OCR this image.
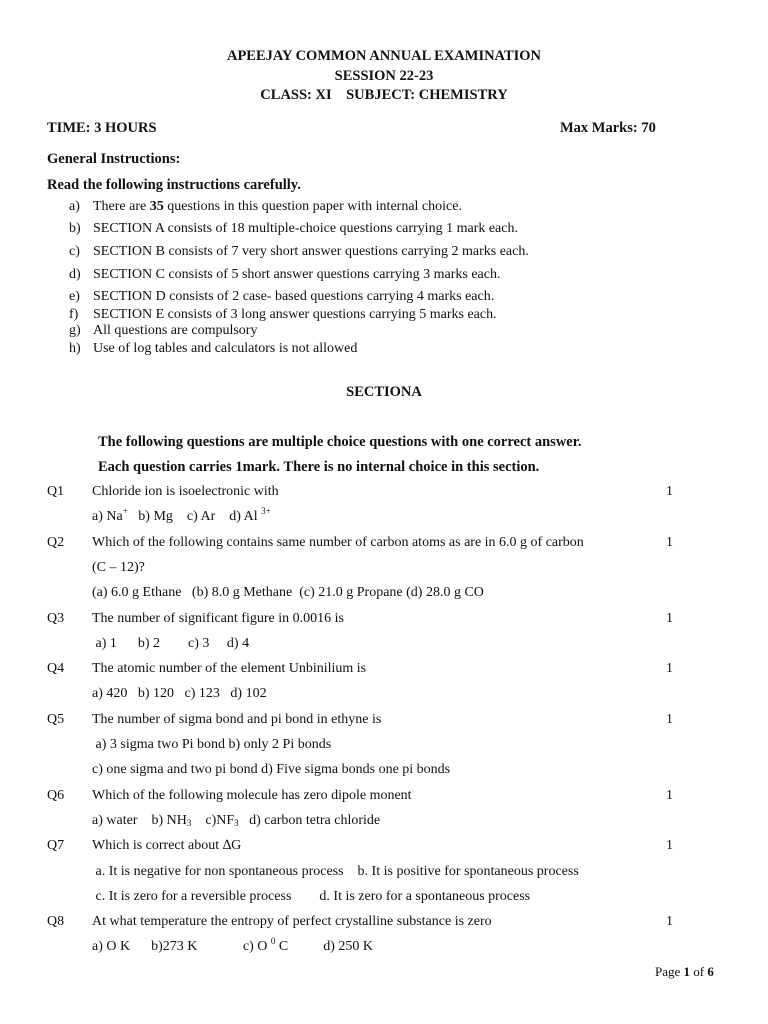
APEEJAY COMMON ANNUAL EXAMINATION
SESSION 22-23
CLASS: XI    SUBJECT: CHEMISTRY
TIME: 3 HOURS	Max Marks: 70
General Instructions:
Read the following instructions carefully.
a) There are 35 questions in this question paper with internal choice.
b) SECTION A consists of 18 multiple-choice questions carrying 1 mark each.
c) SECTION B consists of 7 very short answer questions carrying 2 marks each.
d) SECTION C consists of 5 short answer questions carrying 3 marks each.
e) SECTION D consists of 2 case- based questions carrying 4 marks each.
f) SECTION E consists of 3 long answer questions carrying 5 marks each.
g) All questions are compulsory
h) Use of log tables and calculators is not allowed
SECTIONA
The following questions are multiple choice questions with one correct answer.
Each question carries 1mark. There is no internal choice in this section.
Q1 Chloride ion is isoelectronic with	1
a) Na+   b) Mg    c) Ar    d) Al $^{3+}$
Q2 Which of the following contains same number of carbon atoms as are in 6.0 g of carbon	1
(C – 12)?
(a) 6.0 g Ethane   (b) 8.0 g Methane  (c) 21.0 g Propane (d) 28.0 g CO
Q3 The number of significant figure in 0.0016 is	1
a) 1      b) 2        c) 3     d) 4
Q4 The atomic number of the element Unbinilium is	1
a) 420   b) 120   c) 123   d) 102
Q5 The number of sigma bond and pi bond in ethyne is	1
a) 3 sigma two Pi bond b) only 2 Pi bonds
c) one sigma and two pi bond d) Five sigma bonds one pi bonds
Q6 Which of the following molecule has zero dipole monent	1
a) water    b) $NH_3$    $c)NF_3$   d) carbon tetra chloride
Q7 Which is correct about ∆G	1
a. It is negative for non spontaneous process    b. It is positive for spontaneous process
c. It is zero for a reversible process        d. It is zero for a spontaneous process
Q8 At what temperature the entropy of perfect crystalline substance is zero	1
a) O K      b)273 K             c) O $^0$ C          d) 250 K
Page 1 of 6
